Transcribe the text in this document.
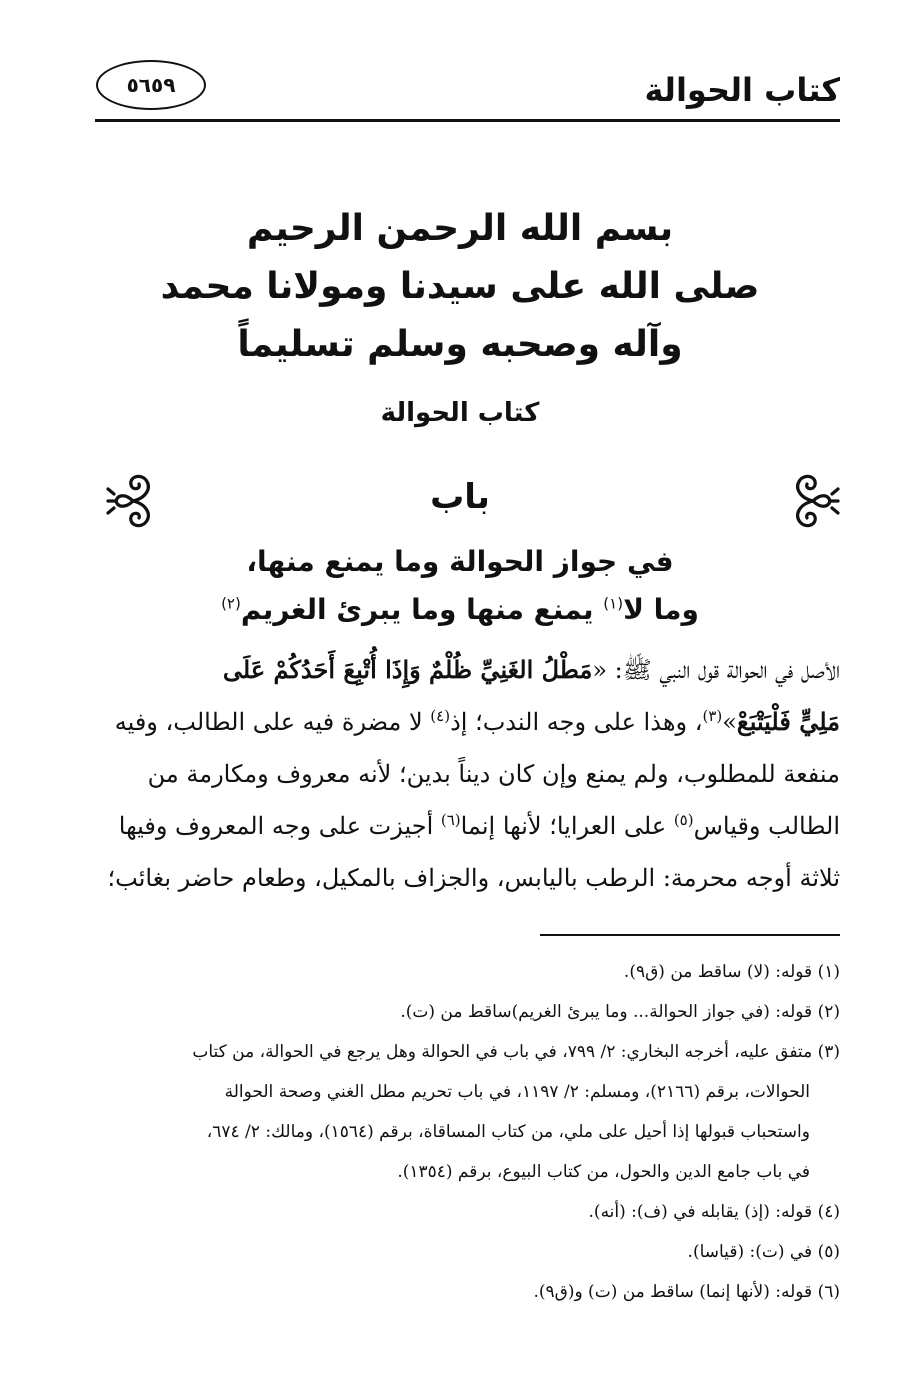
كتاب الحوالة
٥٦٥٩
بسم الله الرحمن الرحيم
صلى الله على سيدنا ومولانا محمد
وآله وصحبه وسلم تسليماً
كتاب الحوالة
باب
في جواز الحوالة وما يمنع منها،
وما لا$^{(١)}$ يمنع منها وما يبرئ الغريم$^{(٢)}$
الأصل في الحوالة قول النبي ﷺ: «مَطْلُ الغَنِيِّ ظُلْمٌ وَإِذَا أُتْبِعَ أَحَدُكُمْ عَلَى
مَلِيٍّ فَلْيَتْبَعْ»$^{(٣)}$، وهذا على وجه الندب؛ إذ$^{(٤)}$ لا مضرة فيه على الطالب، وفيه
منفعة للمطلوب، ولم يمنع وإن كان ديناً بدين؛ لأنه معروف ومكارمة من
الطالب وقياس$^{(٥)}$ على العرايا؛ لأنها إنما$^{(٦)}$ أجيزت على وجه المعروف وفيها
ثلاثة أوجه محرمة: الرطب باليابس، والجزاف بالمكيل، وطعام حاضر بغائب؛
(١) قوله: (لا) ساقط من (ق٩).
(٢) قوله: (في جواز الحوالة... وما يبرئ الغريم)ساقط من (ت).
(٣) متفق عليه، أخرجه البخاري: ٢/ ٧٩٩، في باب في الحوالة وهل يرجع في الحوالة، من كتاب
الحوالات، برقم (٢١٦٦)، ومسلم: ٢/ ١١٩٧، في باب تحريم مطل الغني وصحة الحوالة
واستحباب قبولها إذا أحيل على ملي، من كتاب المساقاة، برقم (١٥٦٤)، ومالك: ٢/ ٦٧٤،
في باب جامع الدين والحول، من كتاب البيوع، برقم (١٣٥٤).
(٤) قوله: (إذ) يقابله في (ف): (أنه).
(٥) في (ت): (قياسا).
(٦) قوله: (لأنها إنما) ساقط من (ت) و(ق٩).
